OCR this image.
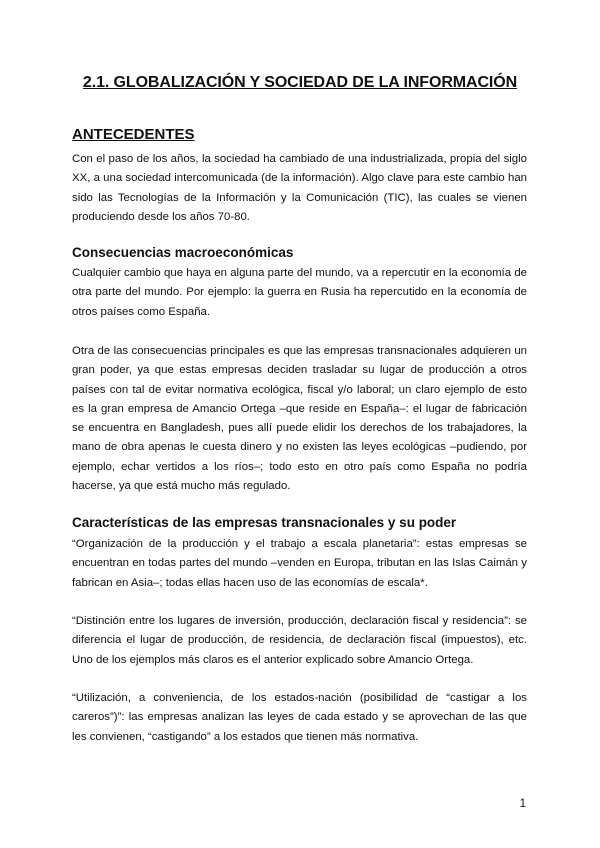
2.1. GLOBALIZACIÓN Y SOCIEDAD DE LA INFORMACIÓN
ANTECEDENTES

Con el paso de los años, la sociedad ha cambiado de una industrializada, propia del siglo XX, a una sociedad intercomunicada (de la información). Algo clave para este cambio han sido las Tecnologías de la Información y la Comunicación (TIC), las cuales se vienen produciendo desde los años 70-80.

Consecuencias macroeconómicas

Cualquier cambio que haya en alguna parte del mundo, va a repercutir en la economía de otra parte del mundo. Por ejemplo: la guerra en Rusia ha repercutido en la economía de otros países como España.

Otra de las consecuencias principales es que las empresas transnacionales adquieren un gran poder, ya que estas empresas deciden trasladar su lugar de producción a otros países con tal de evitar normativa ecológica, fiscal y/o laboral; un claro ejemplo de esto es la gran empresa de Amancio Ortega –que reside en España–: el lugar de fabricación se encuentra en Bangladesh, pues allí puede elidir los derechos de los trabajadores, la mano de obra apenas le cuesta dinero y no existen las leyes ecológicas –pudiendo, por ejemplo, echar vertidos a los ríos–; todo esto en otro país como España no podría hacerse, ya que está mucho más regulado.

Características de las empresas transnacionales y su poder

“Organización de la producción y el trabajo a escala planetaria”: estas empresas se encuentran en todas partes del mundo –venden en Europa, tributan en las Islas Caimán y fabrican en Asia–; todas ellas hacen uso de las economías de escala*.

“Distinción entre los lugares de inversión, producción, declaración fiscal y residencia”: se diferencia el lugar de producción, de residencia, de declaración fiscal (impuestos), etc. Uno de los ejemplos más claros es el anterior explicado sobre Amancio Ortega.

“Utilización, a conveniencia, de los estados-nación (posibilidad de “castigar a los careros”)”: las empresas analizan las leyes de cada estado y se aprovechan de las que les convienen, “castigando” a los estados que tienen más normativa.

1
